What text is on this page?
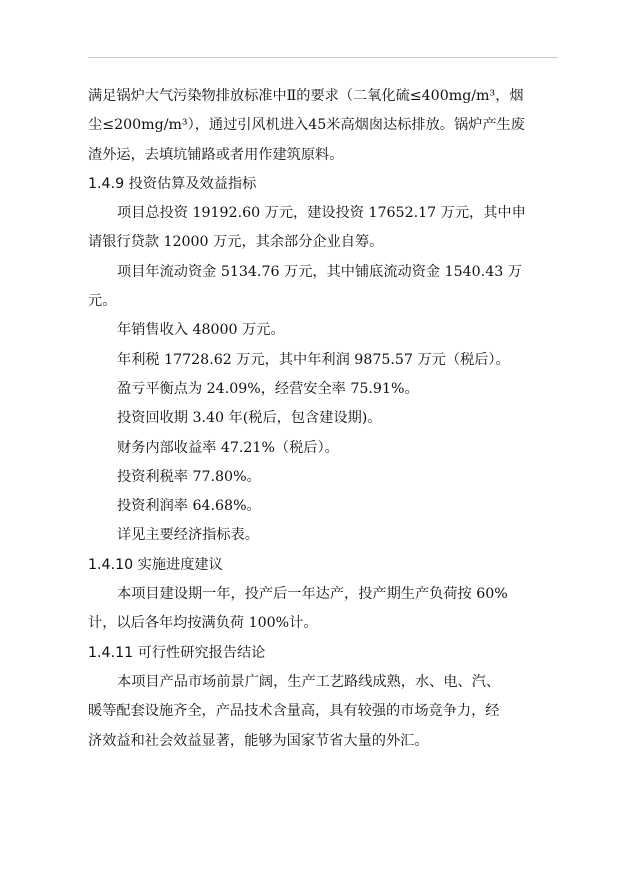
满足锅炉大气污染物排放标准中Ⅱ的要求（二氧化硫≤400mg/m³，烟
尘≤200mg/m³），通过引风机进入45米高烟囱达标排放。锅炉产生废
渣外运，去填坑铺路或者用作建筑原料。
1.4.9 投资估算及效益指标
项目总投资 19192.60 万元，建设投资 17652.17 万元，其中申
请银行贷款 12000 万元，其余部分企业自筹。
项目年流动资金 5134.76 万元，其中铺底流动资金 1540.43 万
元。
年销售收入 48000 万元。
年利税 17728.62 万元，其中年利润 9875.57 万元（税后）。
盈亏平衡点为 24.09%，经营安全率 75.91%。
投资回收期 3.40 年(税后，包含建设期)。
财务内部收益率 47.21%（税后）。
投资利税率 77.80%。
投资利润率 64.68%。
详见主要经济指标表。
1.4.10 实施进度建议
本项目建设期一年，投产后一年达产，投产期生产负荷按 60%
计，以后各年均按满负荷 100%计。
1.4.11 可行性研究报告结论
本项目产品市场前景广阔，生产工艺路线成熟，水、电、汽、
暖等配套设施齐全，产品技术含量高，具有较强的市场竞争力，经
济效益和社会效益显著，能够为国家节省大量的外汇。
